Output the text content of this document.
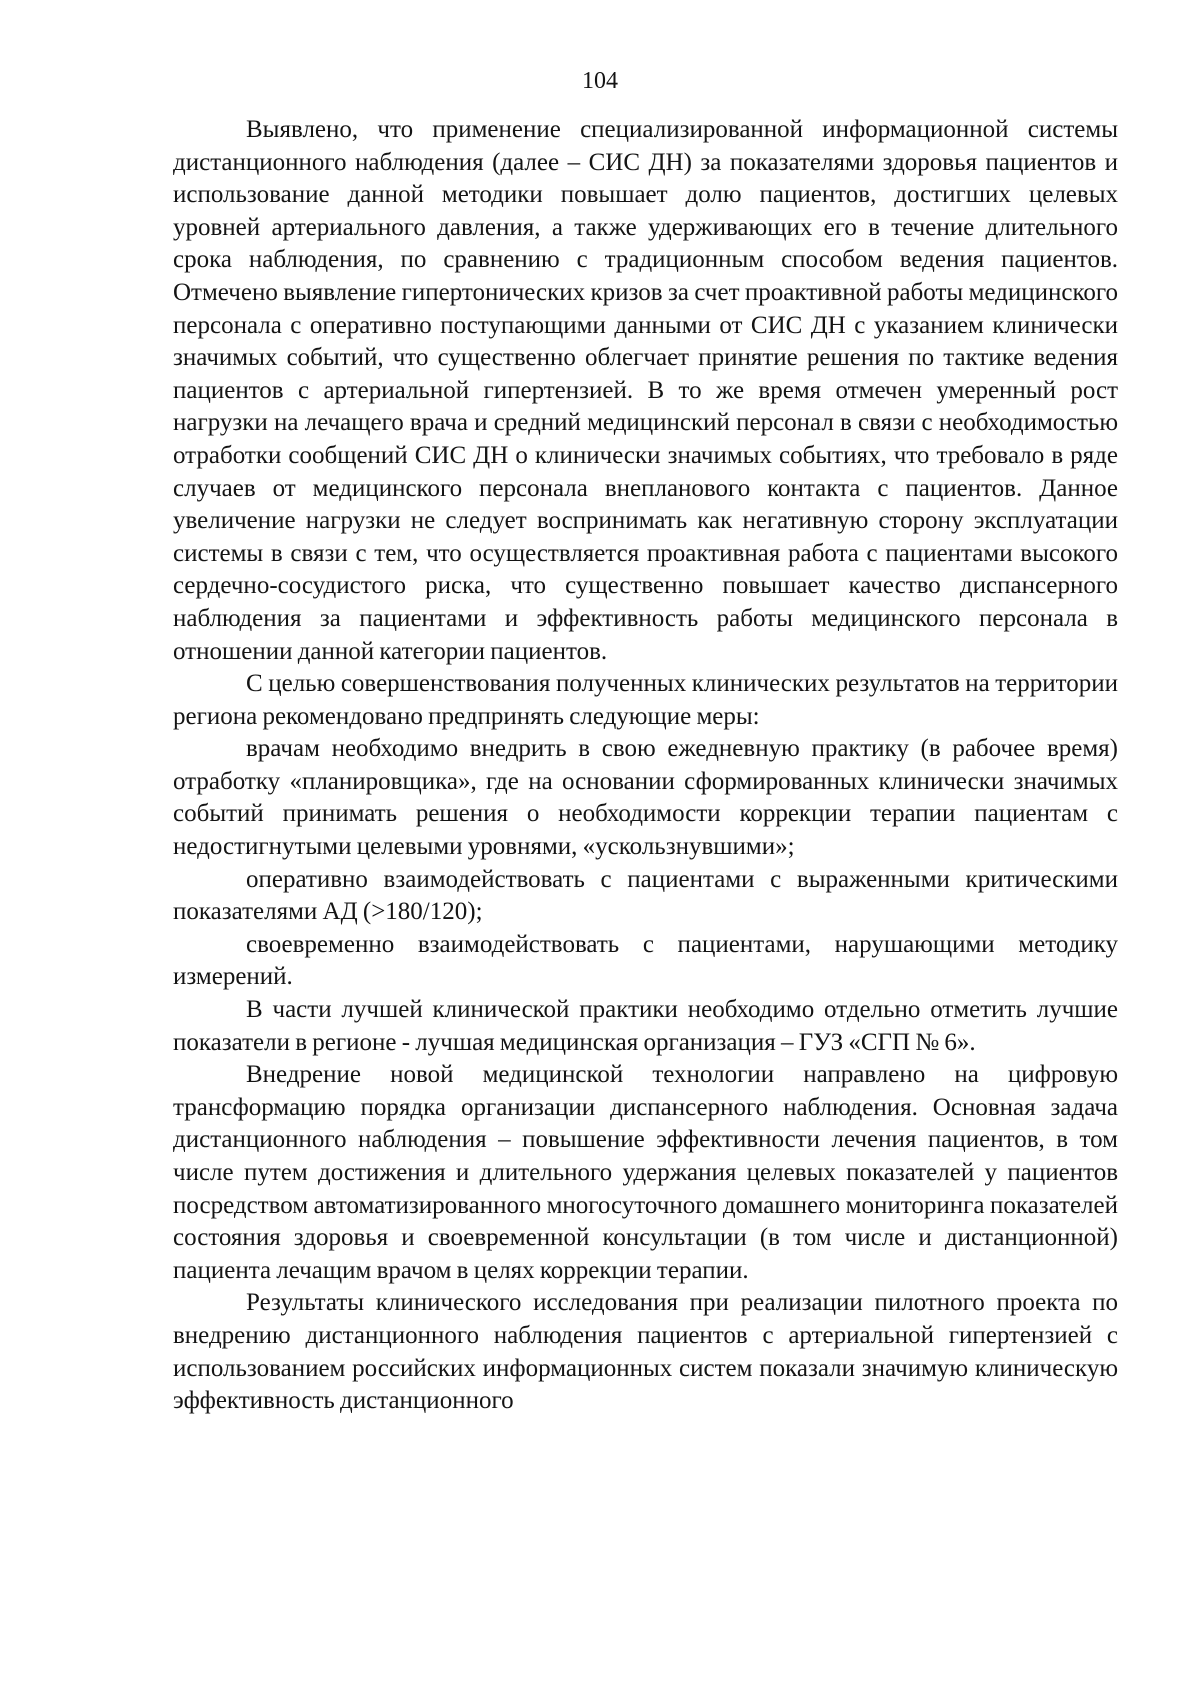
104

Выявлено, что применение специализированной информационной системы дистанционного наблюдения (далее – СИС ДН) за показателями здоровья пациентов и использование данной методики повышает долю пациентов, достигших целевых уровней артериального давления, а также удерживающих его в течение длительного срока наблюдения, по сравнению с традиционным способом ведения пациентов. Отмечено выявление гипертонических кризов за счет проактивной работы медицинского персонала с оперативно поступающими данными от СИС ДН с указанием клинически значимых событий, что существенно облегчает принятие решения по тактике ведения пациентов с артериальной гипертензией. В то же время отмечен умеренный рост нагрузки на лечащего врача и средний медицинский персонал в связи с необходимостью отработки сообщений СИС ДН о клинически значимых событиях, что требовало в ряде случаев от медицинского персонала внепланового контакта с пациентов. Данное увеличение нагрузки не следует воспринимать как негативную сторону эксплуатации системы в связи с тем, что осуществляется проактивная работа с пациентами высокого сердечно-сосудистого риска, что существенно повышает качество диспансерного наблюдения за пациентами и эффективность работы медицинского персонала в отношении данной категории пациентов.

С целью совершенствования полученных клинических результатов на территории региона рекомендовано предпринять следующие меры:

врачам необходимо внедрить в свою ежедневную практику (в рабочее время) отработку «планировщика», где на основании сформированных клинически значимых событий принимать решения о необходимости коррекции терапии пациентам с недостигнутыми целевыми уровнями, «ускользнувшими»;

оперативно взаимодействовать с пациентами с выраженными критическими показателями АД (>180/120);

своевременно взаимодействовать с пациентами, нарушающими методику измерений.

В части лучшей клинической практики необходимо отдельно отметить лучшие показатели в регионе - лучшая медицинская организация – ГУЗ «СГП № 6».

Внедрение новой медицинской технологии направлено на цифровую трансформацию порядка организации диспансерного наблюдения. Основная задача дистанционного наблюдения – повышение эффективности лечения пациентов, в том числе путем достижения и длительного удержания целевых показателей у пациентов посредством автоматизированного многосуточного домашнего мониторинга показателей состояния здоровья и своевременной консультации (в том числе и дистанционной) пациента лечащим врачом в целях коррекции терапии.

Результаты клинического исследования при реализации пилотного проекта по внедрению дистанционного наблюдения пациентов с артериальной гипертензией с использованием российских информационных систем показали значимую клиническую эффективность дистанционного
